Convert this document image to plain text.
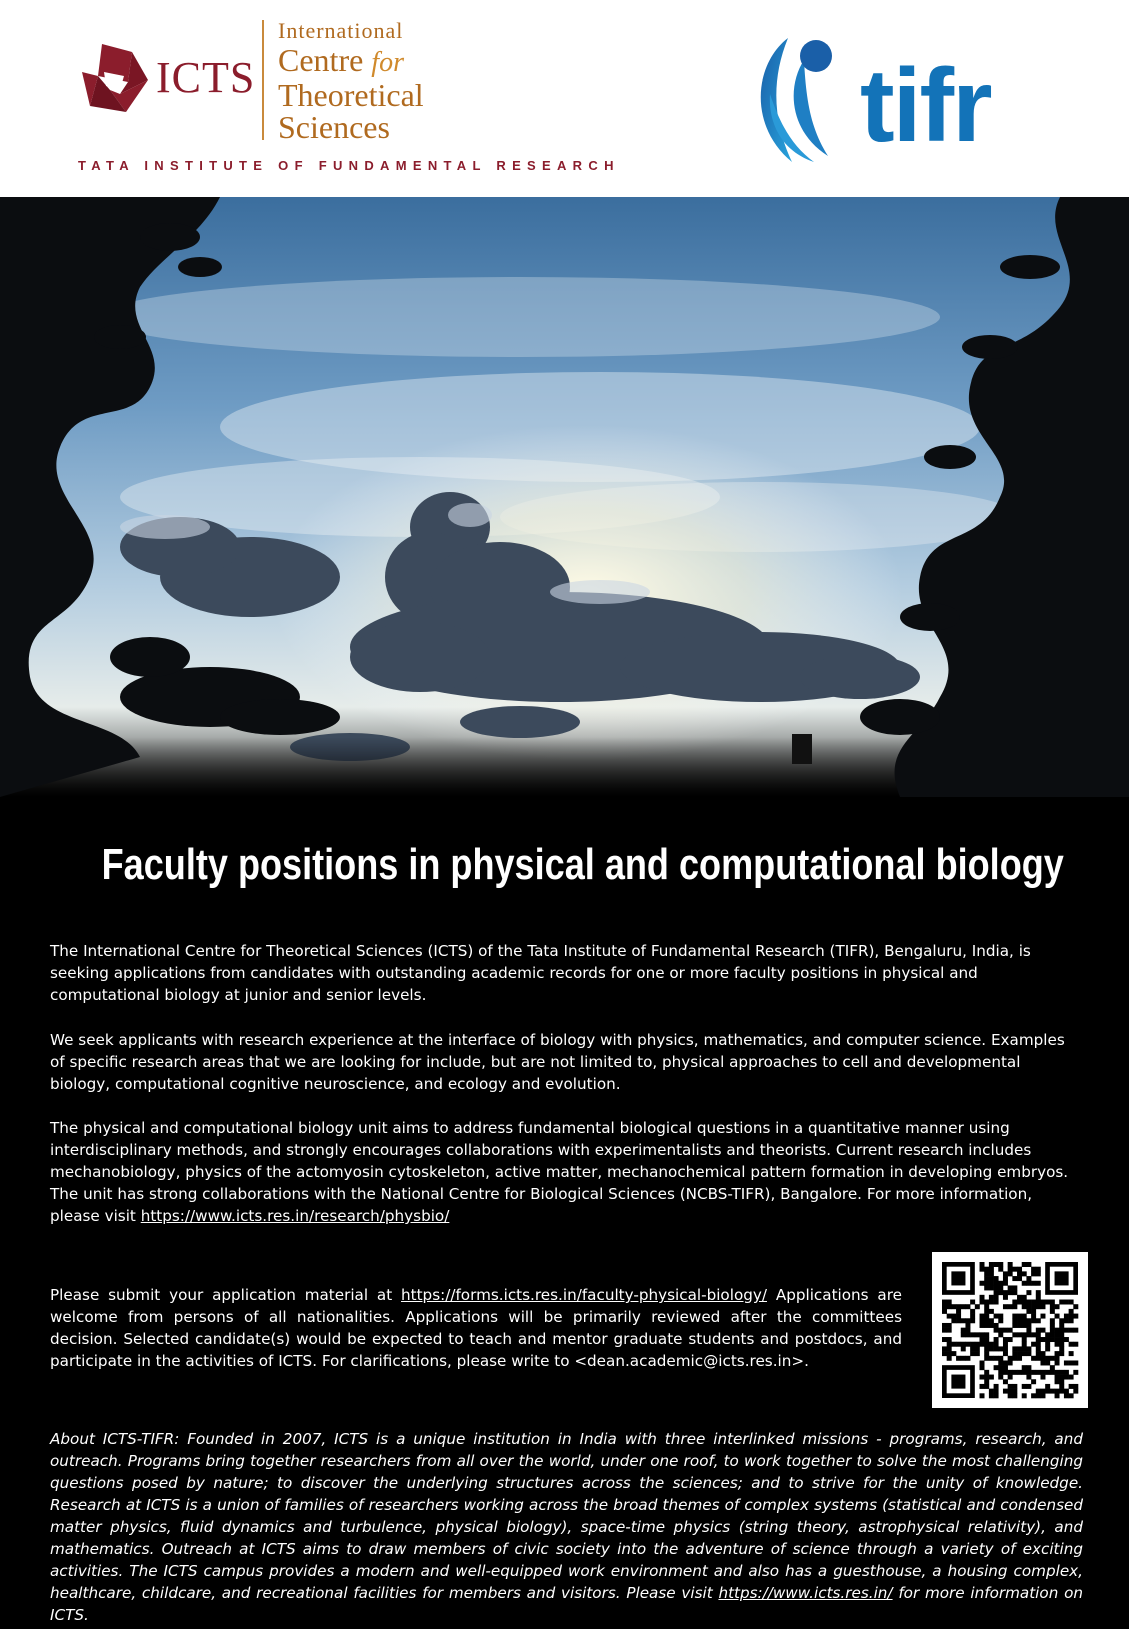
ICTS
International
Centre for
Theoretical
Sciences
TATA INSTITUTE OF FUNDAMENTAL RESEARCH
tifr
Faculty positions in physical and computational biology

The International Centre for Theoretical Sciences (ICTS) of the Tata Institute of Fundamental Research (TIFR), Bengaluru, India, is seeking applications from candidates with outstanding academic records for one or more faculty positions in physical and computational biology at junior and senior levels.

We seek applicants with research experience at the interface of biology with physics, mathematics, and computer science. Examples of specific research areas that we are looking for include, but are not limited to, physical approaches to cell and developmental biology, computational cognitive neuroscience, and ecology and evolution.

The physical and computational biology unit aims to address fundamental biological questions in a quantitative manner using interdisciplinary methods, and strongly encourages collaborations with experimentalists and theorists. Current research includes mechanobiology, physics of the actomyosin cytoskeleton, active matter, mechanochemical pattern formation in developing embryos. The unit has strong collaborations with the National Centre for Biological Sciences (NCBS-TIFR), Bangalore. For more information, please visit https://www.icts.res.in/research/physbio/

Please submit your application material at https://forms.icts.res.in/faculty-physical-biology/ Applications are welcome from persons of all nationalities. Applications will be primarily reviewed after the committees decision. Selected candidate(s) would be expected to teach and mentor graduate students and postdocs, and participate in the activities of ICTS. For clarifications, please write to <dean.academic@icts.res.in>.

About ICTS-TIFR: Founded in 2007, ICTS is a unique institution in India with three interlinked missions - programs, research, and outreach. Programs bring together researchers from all over the world, under one roof, to work together to solve the most challenging questions posed by nature; to discover the underlying structures across the sciences; and to strive for the unity of knowledge. Research at ICTS is a union of families of researchers working across the broad themes of complex systems (statistical and condensed matter physics, fluid dynamics and turbulence, physical biology), space-time physics (string theory, astrophysical relativity), and mathematics. Outreach at ICTS aims to draw members of civic society into the adventure of science through a variety of exciting activities. The ICTS campus provides a modern and well-equipped work environment and also has a guesthouse, a housing complex, healthcare, childcare, and recreational facilities for members and visitors. Please visit https://www.icts.res.in/ for more information on ICTS.
